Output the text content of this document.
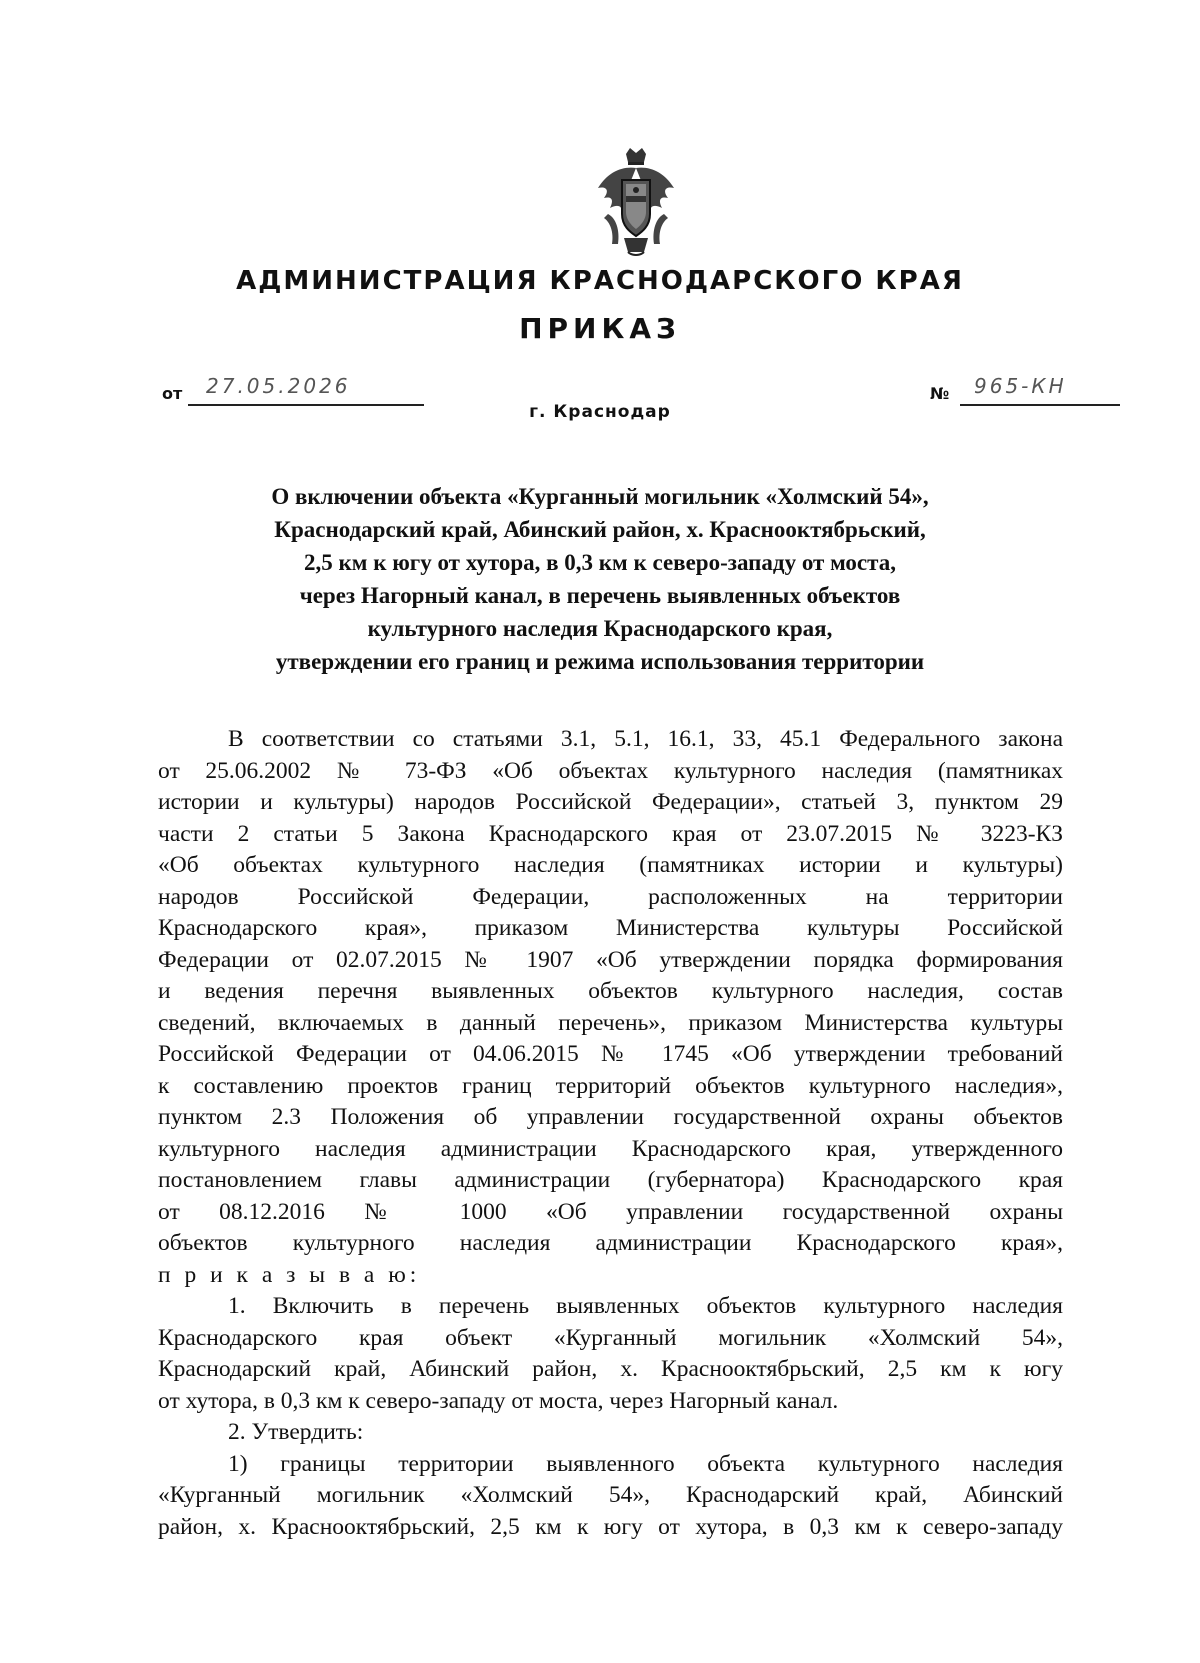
АДМИНИСТРАЦИЯ КРАСНОДАРСКОГО КРАЯ
ПРИКАЗ
от 27.05.2026	№ 965-КН
г. Краснодар
О включении объекта «Курганный могильник «Холмский 54»,
Краснодарский край, Абинский район, х. Краснооктябрьский,
2,5 км к югу от хутора, в 0,3 км к северо-западу от моста,
через Нагорный канал, в перечень выявленных объектов
культурного наследия Краснодарского края,
утверждении его границ и режима использования территории
В соответствии со статьями 3.1, 5.1, 16.1, 33, 45.1 Федерального закона
от 25.06.2002 № 73-ФЗ «Об объектах культурного наследия (памятниках
истории и культуры) народов Российской Федерации», статьей 3, пунктом 29
части 2 статьи 5 Закона Краснодарского края от 23.07.2015 № 3223-КЗ
«Об объектах культурного наследия (памятниках истории и культуры)
народов Российской Федерации, расположенных на территории
Краснодарского края», приказом Министерства культуры Российской
Федерации от 02.07.2015 № 1907 «Об утверждении порядка формирования
и ведения перечня выявленных объектов культурного наследия, состав
сведений, включаемых в данный перечень», приказом Министерства культуры
Российской Федерации от 04.06.2015 № 1745 «Об утверждении требований
к составлению проектов границ территорий объектов культурного наследия»,
пунктом 2.3 Положения об управлении государственной охраны объектов
культурного наследия администрации Краснодарского края, утвержденного
постановлением главы администрации (губернатора) Краснодарского края
от 08.12.2016 № 1000 «Об управлении государственной охраны
объектов культурного наследия администрации Краснодарского края»,
п р и к а з ы в а ю:
1. Включить в перечень выявленных объектов культурного наследия
Краснодарского края объект «Курганный могильник «Холмский 54»,
Краснодарский край, Абинский район, х. Краснооктябрьский, 2,5 км к югу
от хутора, в 0,3 км к северо-западу от моста, через Нагорный канал.
2. Утвердить:
1) границы территории выявленного объекта культурного наследия
«Курганный могильник «Холмский 54», Краснодарский край, Абинский
район, х. Краснооктябрьский, 2,5 км к югу от хутора, в 0,3 км к северо-западу
